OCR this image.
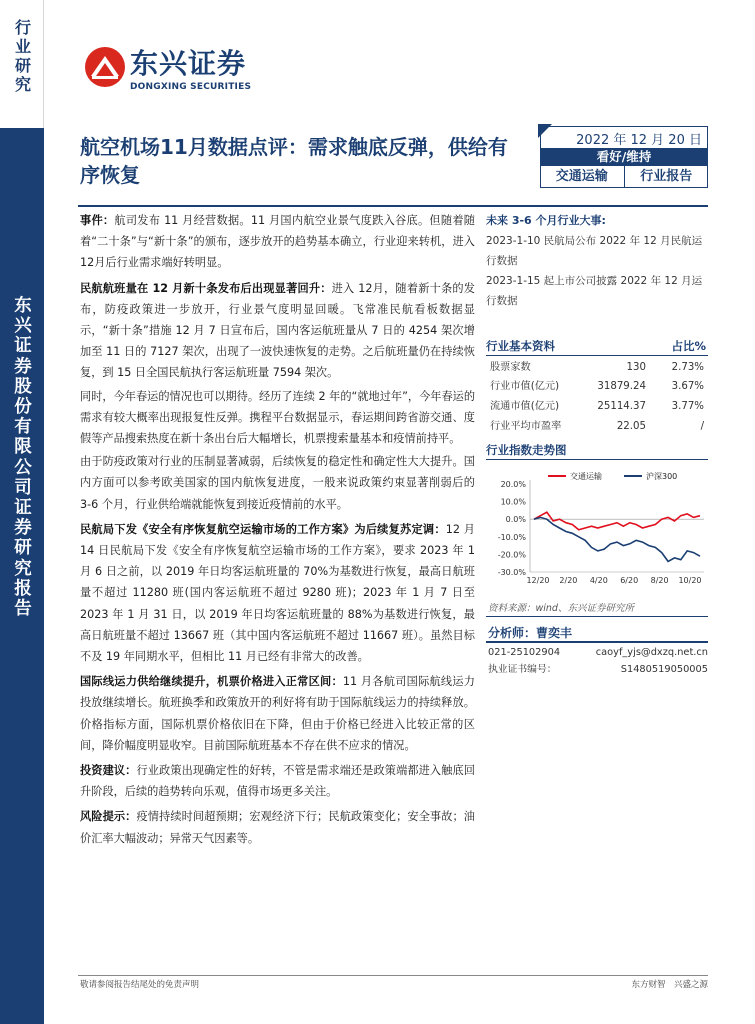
行业研究
东兴证券股份有限公司证券研究报告
东兴证券
DONGXING SECURITIES
航空机场11月数据点评：需求触底反弹，供给有序恢复
2022 年 12 月 20 日
看好/维持
交通运输	行业报告

事件：航司发布 11 月经营数据。11 月国内航空业景气度跌入谷底。但随着随着“二十条”与“新十条”的颁布，逐步放开的趋势基本确立，行业迎来转机，进入 12月后行业需求端好转明显。

民航航班量在 12 月新十条发布后出现显著回升：进入 12月，随着新十条的发布，防疫政策进一步放开，行业景气度明显回暖。飞常准民航看板数据显示，“新十条”措施 12 月 7 日宣布后，国内客运航班量从 7 日的 4254 架次增加至 11 日的 7127 架次，出现了一波快速恢复的走势。之后航班量仍在持续恢复，到 15 日全国民航执行客运航班量 7594 架次。

同时，今年春运的情况也可以期待。经历了连续 2 年的“就地过年”，今年春运的需求有较大概率出现报复性反弹。携程平台数据显示，春运期间跨省游交通、度假等产品搜索热度在新十条出台后大幅增长，机票搜索量基本和疫情前持平。

由于防疫政策对行业的压制显著减弱，后续恢复的稳定性和确定性大大提升。国内方面可以参考欧美国家的国内航恢复进度，一般来说政策约束显著削弱后的 3-6 个月，行业供给端就能恢复到接近疫情前的水平。

民航局下发《安全有序恢复航空运输市场的工作方案》为后续复苏定调：12 月 14 日民航局下发《安全有序恢复航空运输市场的工作方案》，要求 2023 年 1 月 6 日之前，以 2019 年日均客运航班量的 70%为基数进行恢复，最高日航班量不超过 11280 班(国内客运航班不超过 9280 班)；2023 年 1 月 7 日至 2023 年 1 月 31 日，以 2019 年日均客运航班量的 88%为基数进行恢复，最高日航班量不超过 13667 班（其中国内客运航班不超过 11667 班）。虽然目标不及 19 年同期水平，但相比 11 月已经有非常大的改善。

国际线运力供给继续提升，机票价格进入正常区间：11 月各航司国际航线运力投放继续增长。航班换季和政策放开的利好将有助于国际航线运力的持续释放。价格指标方面，国际机票价格依旧在下降，但由于价格已经进入比较正常的区间，降价幅度明显收窄。目前国际航班基本不存在供不应求的情况。

投资建议：行业政策出现确定性的好转，不管是需求端还是政策端都进入触底回升阶段，后续的趋势转向乐观，值得市场更多关注。

风险提示：疫情持续时间超预期；宏观经济下行；民航政策变化；安全事故；油价汇率大幅波动；异常天气因素等。

未来 3-6 个月行业大事:
2023-1-10 民航局公布 2022 年 12 月民航运行数据
2023-1-15 起上市公司披露 2022 年 12 月运行数据
行业基本资料	占比%
股票家数	130	2.73%
行业市值(亿元)	31879.24	3.67%
流通市值(亿元)	25114.37	3.77%
行业平均市盈率	22.05	/
行业指数走势图
20.0%
10.0%
0.0%
-10.0%
-20.0%
-30.0%
12/20 2/20 4/20 6/20 8/20 10/20
交通运输	沪深300
资料来源：wind、东兴证券研究所
分析师：曹奕丰
021-25102904	caoyf_yjs@dxzq.net.cn
执业证书编号：	S1480519050005
敬请参阅报告结尾处的免责声明	东方财智　兴盛之源
